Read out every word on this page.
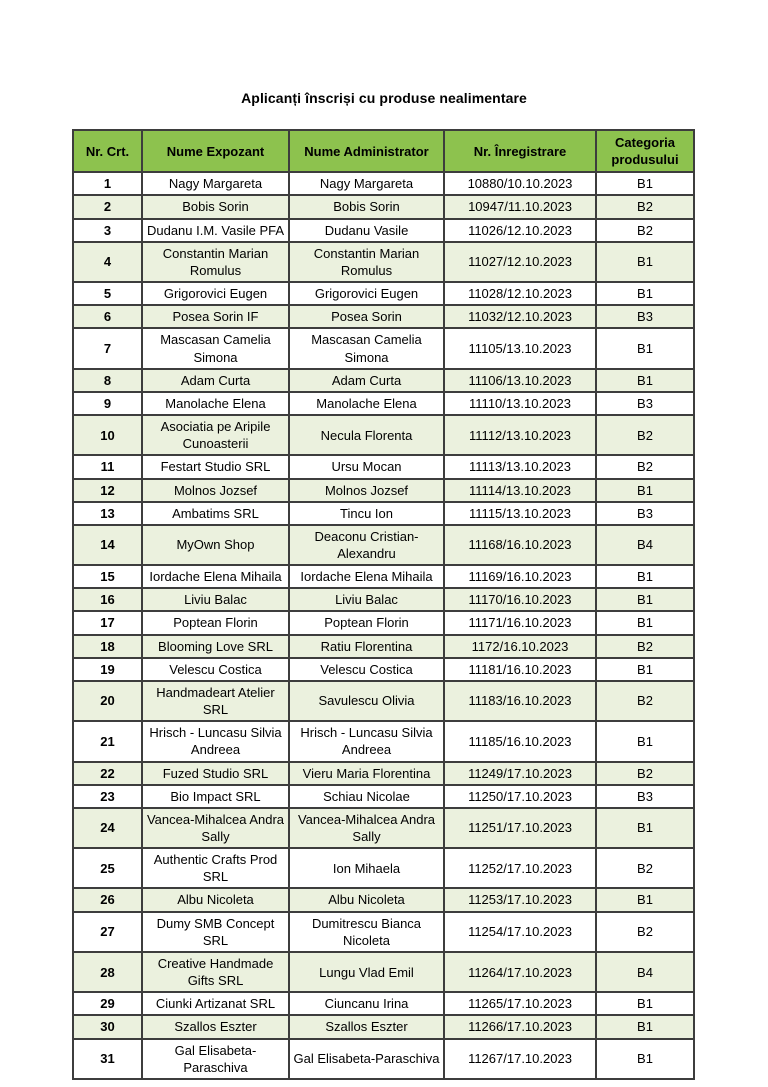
Aplicanți înscriși cu produse nealimentare
Nr. Crt.	Nume Expozant	Nume Administrator	Nr. Înregistrare	Categoria produsului
1	Nagy Margareta	Nagy Margareta	10880/10.10.2023	B1
2	Bobis Sorin	Bobis Sorin	10947/11.10.2023	B2
3	Dudanu I.M. Vasile PFA	Dudanu Vasile	11026/12.10.2023	B2
4	Constantin Marian Romulus	Constantin Marian Romulus	11027/12.10.2023	B1
5	Grigorovici Eugen	Grigorovici Eugen	11028/12.10.2023	B1
6	Posea Sorin IF	Posea Sorin	11032/12.10.2023	B3
7	Mascasan Camelia Simona	Mascasan Camelia Simona	11105/13.10.2023	B1
8	Adam Curta	Adam Curta	11106/13.10.2023	B1
9	Manolache Elena	Manolache Elena	11110/13.10.2023	B3
10	Asociatia pe Aripile Cunoasterii	Necula Florenta	11112/13.10.2023	B2
11	Festart Studio SRL	Ursu Mocan	11113/13.10.2023	B2
12	Molnos Jozsef	Molnos Jozsef	11114/13.10.2023	B1
13	Ambatims SRL	Tincu Ion	11115/13.10.2023	B3
14	MyOwn Shop	Deaconu Cristian-Alexandru	11168/16.10.2023	B4
15	Iordache Elena Mihaila	Iordache Elena Mihaila	11169/16.10.2023	B1
16	Liviu Balac	Liviu Balac	11170/16.10.2023	B1
17	Poptean Florin	Poptean Florin	11171/16.10.2023	B1
18	Blooming Love SRL	Ratiu Florentina	1172/16.10.2023	B2
19	Velescu Costica	Velescu Costica	11181/16.10.2023	B1
20	Handmadeart Atelier SRL	Savulescu Olivia	11183/16.10.2023	B2
21	Hrisch - Luncasu Silvia Andreea	Hrisch - Luncasu Silvia Andreea	11185/16.10.2023	B1
22	Fuzed Studio SRL	Vieru Maria Florentina	11249/17.10.2023	B2
23	Bio Impact SRL	Schiau Nicolae	11250/17.10.2023	B3
24	Vancea-Mihalcea Andra Sally	Vancea-Mihalcea Andra Sally	11251/17.10.2023	B1
25	Authentic Crafts Prod SRL	Ion Mihaela	11252/17.10.2023	B2
26	Albu Nicoleta	Albu Nicoleta	11253/17.10.2023	B1
27	Dumy SMB Concept SRL	Dumitrescu Bianca Nicoleta	11254/17.10.2023	B2
28	Creative Handmade Gifts SRL	Lungu Vlad Emil	11264/17.10.2023	B4
29	Ciunki Artizanat SRL	Ciuncanu Irina	11265/17.10.2023	B1
30	Szallos Eszter	Szallos Eszter	11266/17.10.2023	B1
31	Gal Elisabeta-Paraschiva	Gal Elisabeta-Paraschiva	11267/17.10.2023	B1
